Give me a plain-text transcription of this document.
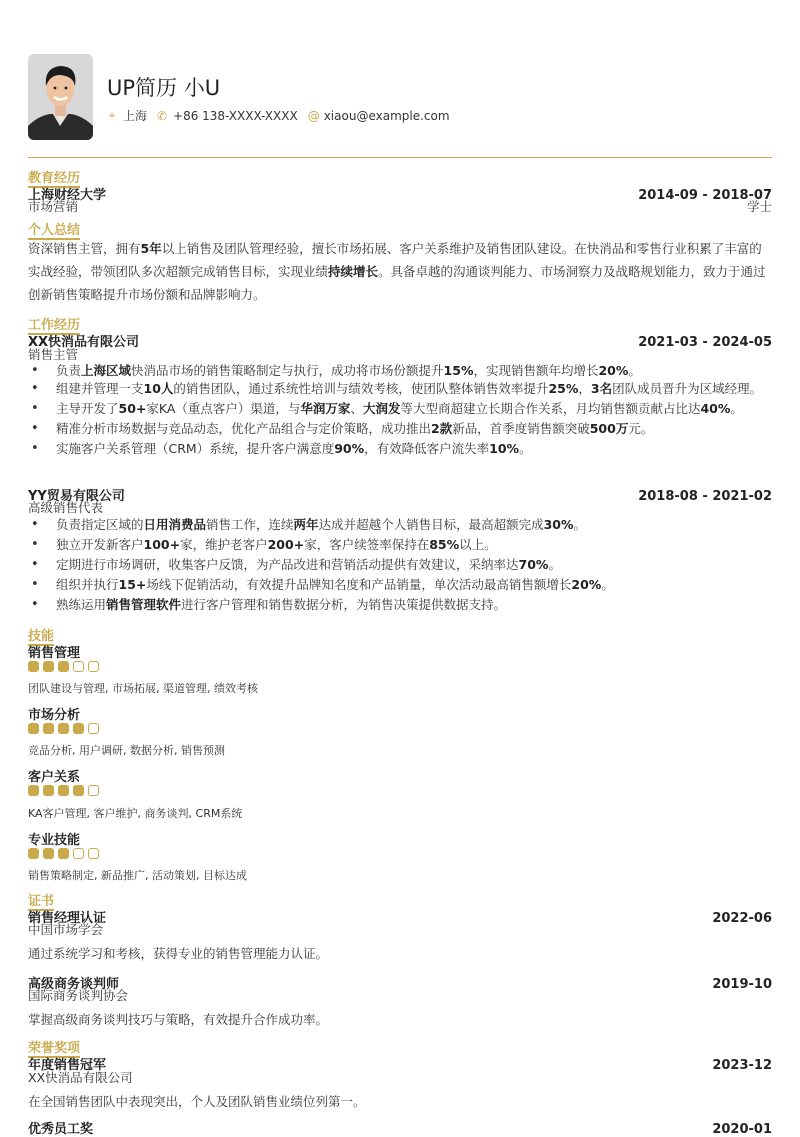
UP简历 小U
⌖ 上海 ✆ +86 138-XXXX-XXXX @ xiaou@example.com
教育经历
上海财经大学	2014-09 - 2018-07
市场营销	学士
个人总结
资深销售主管，拥有5年以上销售及团队管理经验，擅长市场拓展、客户关系维护及销售团队建设。在快消品和零售行业积累了丰富的实战经验，带领团队多次超额完成销售目标，实现业绩持续增长。具备卓越的沟通谈判能力、市场洞察力及战略规划能力，致力于通过创新销售策略提升市场份额和品牌影响力。
工作经历
XX快消品有限公司	2021-03 - 2024-05
销售主管
• 负责上海区域快消品市场的销售策略制定与执行，成功将市场份额提升15%，实现销售额年均增长20%。
• 组建并管理一支10人的销售团队，通过系统性培训与绩效考核，使团队整体销售效率提升25%，3名团队成员晋升为区域经理。
• 主导开发了50+家KA（重点客户）渠道，与华润万家、大润发等大型商超建立长期合作关系，月均销售额贡献占比达40%。
• 精准分析市场数据与竞品动态，优化产品组合与定价策略，成功推出2款新品，首季度销售额突破500万元。
• 实施客户关系管理（CRM）系统，提升客户满意度90%，有效降低客户流失率10%。
YY贸易有限公司	2018-08 - 2021-02
高级销售代表
• 负责指定区域的日用消费品销售工作，连续两年达成并超越个人销售目标，最高超额完成30%。
• 独立开发新客户100+家，维护老客户200+家，客户续签率保持在85%以上。
• 定期进行市场调研，收集客户反馈，为产品改进和营销活动提供有效建议，采纳率达70%。
• 组织并执行15+场线下促销活动，有效提升品牌知名度和产品销量，单次活动最高销售额增长20%。
• 熟练运用销售管理软件进行客户管理和销售数据分析，为销售决策提供数据支持。
技能
销售管理
团队建设与管理, 市场拓展, 渠道管理, 绩效考核
市场分析
竞品分析, 用户调研, 数据分析, 销售预测
客户关系
KA客户管理, 客户维护, 商务谈判, CRM系统
专业技能
销售策略制定, 新品推广, 活动策划, 目标达成
证书
销售经理认证	2022-06
中国市场学会
通过系统学习和考核，获得专业的销售管理能力认证。
高级商务谈判师	2019-10
国际商务谈判协会
掌握高级商务谈判技巧与策略，有效提升合作成功率。
荣誉奖项
年度销售冠军	2023-12
XX快消品有限公司
在全国销售团队中表现突出，个人及团队销售业绩位列第一。
优秀员工奖	2020-01
